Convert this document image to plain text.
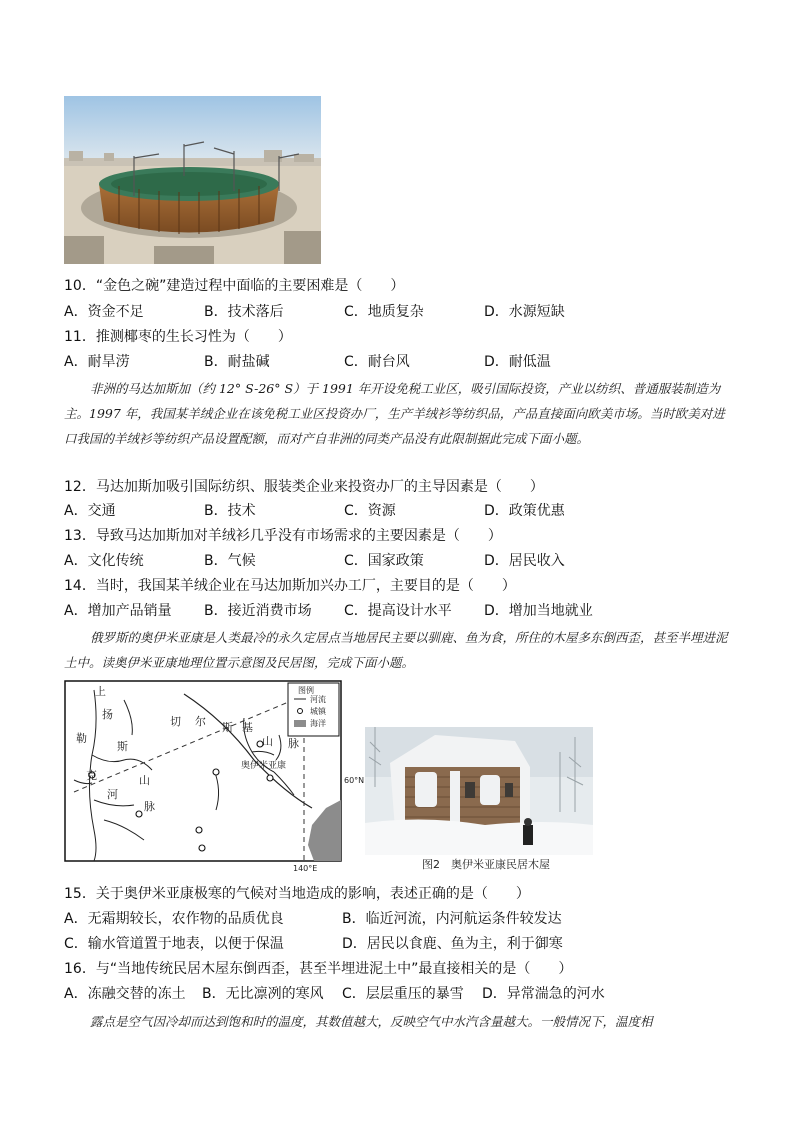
10．“金色之碗”建造过程中面临的主要困难是（　　）
A．资金不足	B．技术落后	C．地质复杂	D．水源短缺
11．推测椰枣的生长习性为（　　）
A．耐旱涝	B．耐盐碱	C．耐台风	D．耐低温
非洲的马达加斯加（约 12° S-26° S）于 1991 年开设免税工业区，吸引国际投资，产业以纺织、普通服装制造为主。1997 年，我国某羊绒企业在该免税工业区投资办厂，生产羊绒衫等纺织品，产品直接面向欧美市场。当时欧美对进口我国的羊绒衫等纺织产品设置配额，而对产自非洲的同类产品没有此限制据此完成下面小题。
12．马达加斯加吸引国际纺织、服装类企业来投资办厂的主导因素是（　　）
A．交通	B．技术	C．资源	D．政策优惠
13．导致马达加斯加对羊绒衫几乎没有市场需求的主要因素是（　　）
A．文化传统	B．气候	C．国家政策	D．居民收入
14．当时，我国某羊绒企业在马达加斯加兴办工厂，主要目的是（　　）
A．增加产品销量 B．接近消费市场 C．提高设计水平 D．增加当地就业
俄罗斯的奥伊米亚康是人类最冷的永久定居点当地居民主要以驯鹿、鱼为食，所住的木屋多东倒西歪，甚至半埋进泥土中。读奥伊米亚康地理位置示意图及民居图，完成下面小题。
图例
河流
城镇
海洋
上
扬
勒
斯
克	山
河
脉
切 尔 斯 基
山 脉
奥伊米亚康
60°N
140°E	图2　奥伊米亚康民居木屋
15．关于奥伊米亚康极寒的气候对当地造成的影响，表述正确的是（　　）
A．无霜期较长，农作物的品质优良	B．临近河流，内河航运条件较发达
C．输水管道置于地表，以便于保温	D．居民以食鹿、鱼为主，利于御寒
16．与“当地传统民居木屋东倒西歪，甚至半埋进泥土中”最直接相关的是（　　）
A．冻融交替的冻土 B．无比凛冽的寒风 C．层层重压的暴雪 D．异常湍急的河水
露点是空气因冷却而达到饱和时的温度，其数值越大，反映空气中水汽含量越大。一般情况下，温度相
